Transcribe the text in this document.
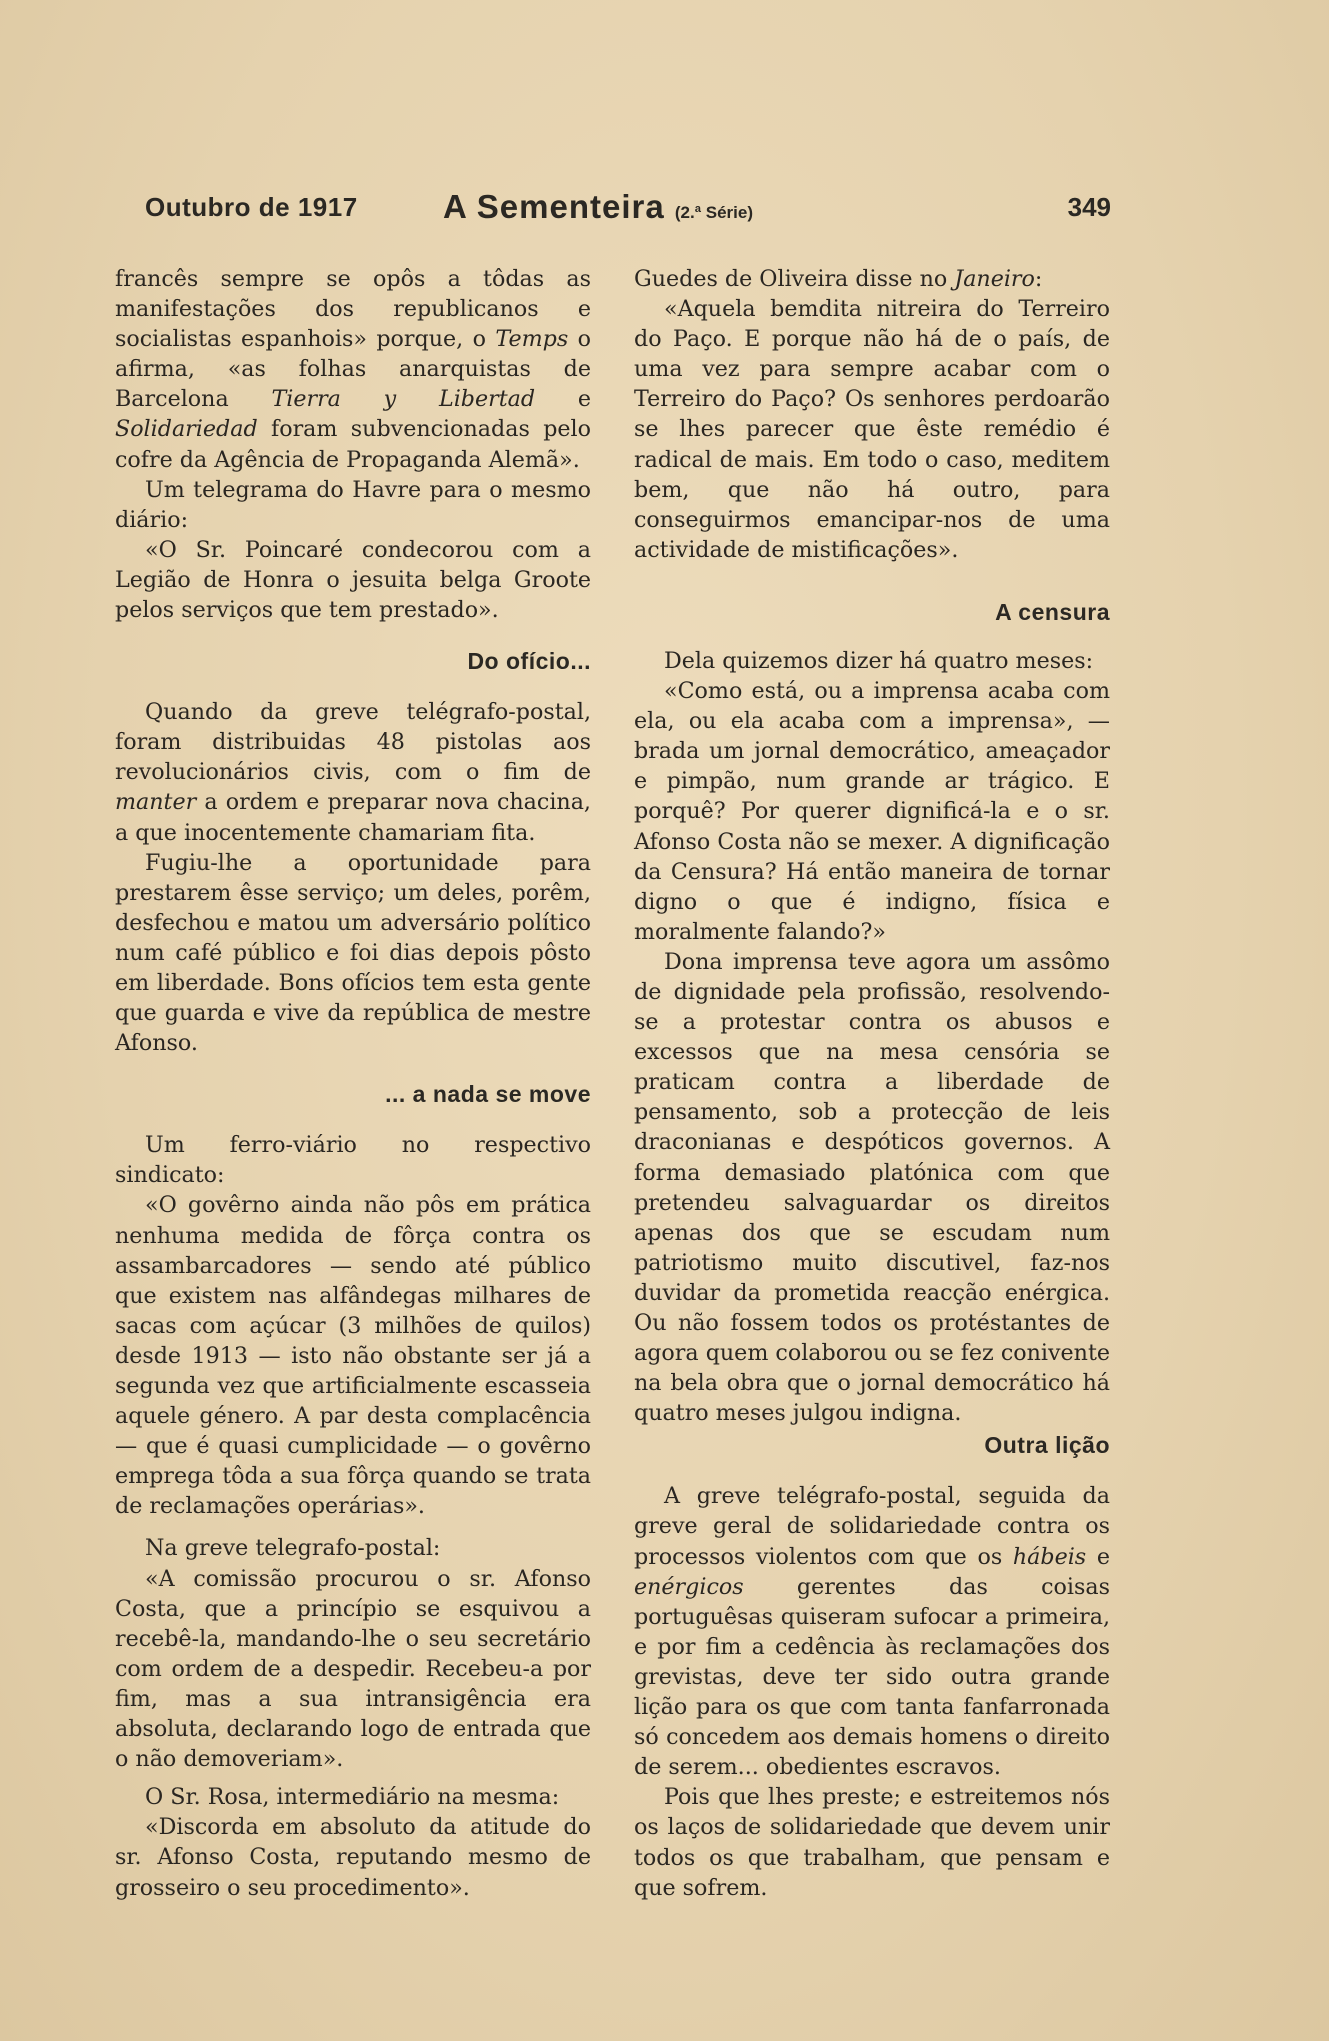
Outubro de 1917	A Sementeira (2.ª Série)	349

francês sempre se opôs a tôdas as manifestações dos republicanos e socialistas espanhois» porque, o Temps o afirma, «as folhas anarquistas de Barcelona Tierra y Libertad e Solidariedad foram subvencionadas pelo cofre da Agência de Propaganda Alemã».

Um telegrama do Havre para o mesmo diário:

«O Sr. Poincaré condecorou com a Legião de Honra o jesuita belga Groote pelos serviços que tem prestado».

Do ofício...

Quando da greve telégrafo-postal, foram distribuidas 48 pistolas aos revolucionários civis, com o fim de manter a ordem e preparar nova chacina, a que inocentemente chamariam fita.

Fugiu-lhe a oportunidade para prestarem êsse serviço; um deles, porêm, desfechou e matou um adversário político num café público e foi dias depois pôsto em liberdade. Bons ofícios tem esta gente que guarda e vive da república de mestre Afonso.

... a nada se move

Um ferro-viário no respectivo sindicato:

«O govêrno ainda não pôs em prática nenhuma medida de fôrça contra os assambarcadores — sendo até público que existem nas alfândegas milhares de sacas com açúcar (3 milhões de quilos) desde 1913 — isto não obstante ser já a segunda vez que artificialmente escasseia aquele género. A par desta complacência — que é quasi cumplicidade — o govêrno emprega tôda a sua fôrça quando se trata de reclamações operárias».

Na greve telegrafo-postal:

«A comissão procurou o sr. Afonso Costa, que a princípio se esquivou a recebê-la, mandando-lhe o seu secretário com ordem de a despedir. Recebeu-a por fim, mas a sua intransigência era absoluta, declarando logo de entrada que o não demoveriam».

O Sr. Rosa, intermediário na mesma:

«Discorda em absoluto da atitude do sr. Afonso Costa, reputando mesmo de grosseiro o seu procedimento».

Guedes de Oliveira disse no Janeiro:

«Aquela bemdita nitreira do Terreiro do Paço. E porque não há de o país, de uma vez para sempre acabar com o Terreiro do Paço? Os senhores perdoarão se lhes parecer que êste remédio é radical de mais. Em todo o caso, meditem bem, que não há outro, para conseguirmos emancipar-nos de uma actividade de mistificações».

A censura

Dela quizemos dizer há quatro meses:

«Como está, ou a imprensa acaba com ela, ou ela acaba com a imprensa», — brada um jornal democrático, ameaçador e pimpão, num grande ar trágico. E porquê? Por querer dignificá-la e o sr. Afonso Costa não se mexer. A dignificação da Censura? Há então maneira de tornar digno o que é indigno, física e moralmente falando?»

Dona imprensa teve agora um assômo de dignidade pela profissão, resolvendo-se a protestar contra os abusos e excessos que na mesa censória se praticam contra a liberdade de pensamento, sob a protecção de leis draconianas e despóticos governos. A forma demasiado platónica com que pretendeu salvaguardar os direitos apenas dos que se escudam num patriotismo muito discutivel, faz-nos duvidar da prometida reacção enérgica. Ou não fossem todos os protéstantes de agora quem colaborou ou se fez conivente na bela obra que o jornal democrático há quatro meses julgou indigna.

Outra lição

A greve telégrafo-postal, seguida da greve geral de solidariedade contra os processos violentos com que os hábeis e enérgicos gerentes das coisas portuguêsas quiseram sufocar a primeira, e por fim a cedência às reclamações dos grevistas, deve ter sido outra grande lição para os que com tanta fanfarronada só concedem aos demais homens o direito de serem... obedientes escravos.

Pois que lhes preste; e estreitemos nós os laços de solidariedade que devem unir todos os que trabalham, que pensam e que sofrem.
